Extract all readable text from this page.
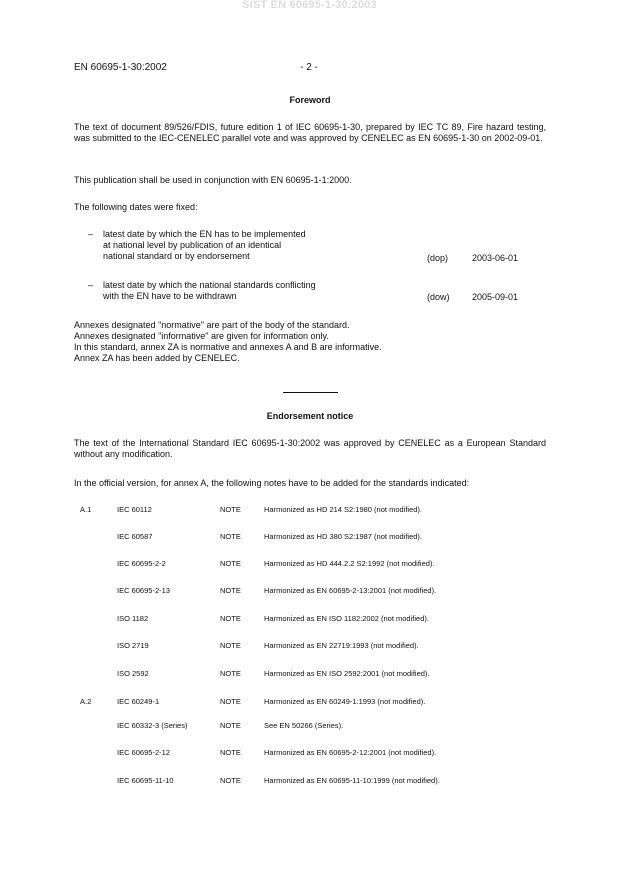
SIST EN 60695-1-30:2003
EN 60695-1-30:2002	- 2 -
Foreword
The text of document 89/526/FDIS, future edition 1 of IEC 60695-1-30, prepared by IEC TC 89, Fire hazard testing, was submitted to the IEC-CENELEC parallel vote and was approved by CENELEC as EN 60695-1-30 on 2002-09-01.
This publication shall be used in conjunction with EN 60695-1-1:2000.
The following dates were fixed:
– latest date by which the EN has to be implemented
at national level by publication of an identical
national standard or by endorsement	(dop)	2003-06-01
– latest date by which the national standards conflicting
with the EN have to be withdrawn	(dow)	2005-09-01

Annexes designated "normative" are part of the body of the standard.

Annexes designated "informative" are given for information only.

In this standard, annex ZA is normative and annexes A and B are informative.

Annex ZA has been added by CENELEC.

Endorsement notice
The text of the International Standard IEC 60695-1-30:2002 was approved by CENELEC as a European Standard without any modification.
In the official version, for annex A, the following notes have to be added for the standards indicated:
A.1	IEC 60112	NOTE	Harmonized as HD 214 S2:1980 (not modified).
IEC 60587	NOTE	Harmonized as HD 380 S2:1987 (not modified).
IEC 60695-2-2	NOTE	Harmonized as HD 444.2.2 S2:1992 (not modified).
IEC 60695-2-13	NOTE	Harmonized as EN 60695-2-13:2001 (not modified).
ISO 1182	NOTE	Harmonized as EN ISO 1182:2002 (not modified).
ISO 2719	NOTE	Harmonized as EN 22719:1993 (not modified).
ISO 2592	NOTE	Harmonized as EN ISO 2592:2001 (not modified).
A.2	IEC 60249-1	NOTE	Harmonized as EN 60249-1:1993 (not modified).
IEC 60332-3 (Series)	NOTE	See EN 50266 (Series).
IEC 60695-2-12	NOTE	Harmonized as EN 60695-2-12:2001 (not modified).
IEC 60695-11-10	NOTE	Harmonized as EN 60695-11-10:1999 (not modified).
